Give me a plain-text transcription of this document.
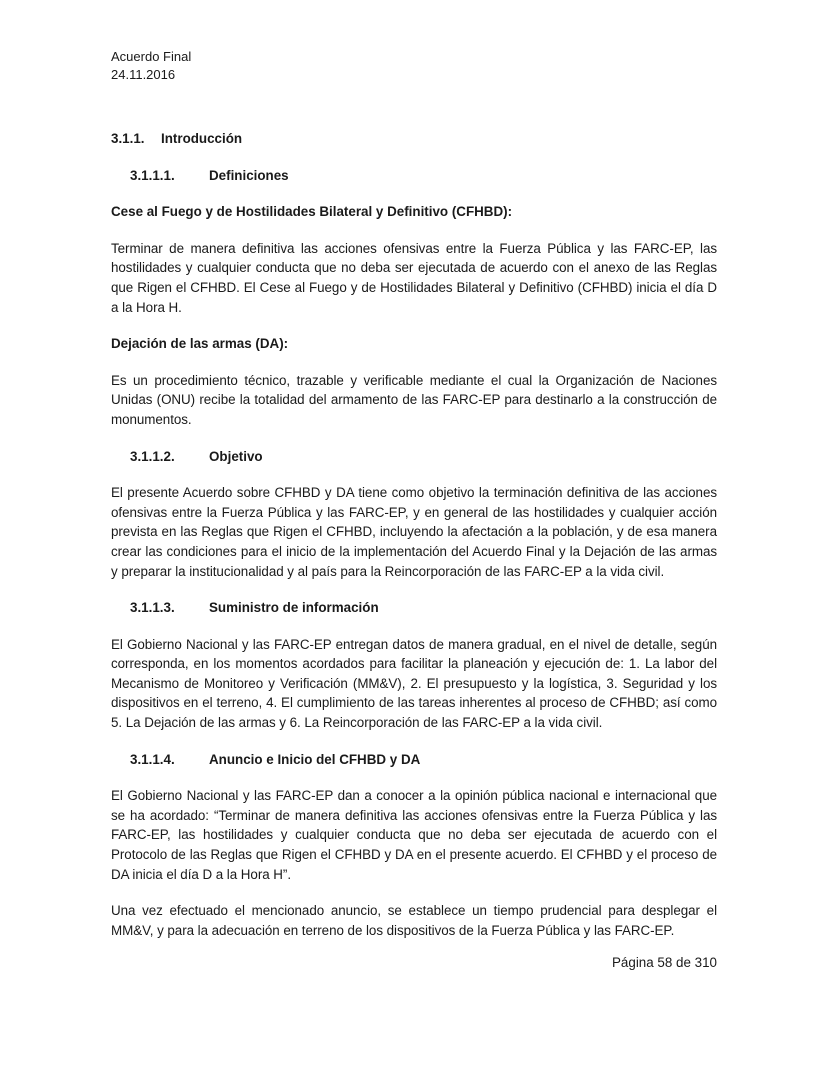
Acuerdo Final
24.11.2016
3.1.1. Introducción
3.1.1.1.	Definiciones
Cese al Fuego y de Hostilidades Bilateral y Definitivo (CFHBD):

Terminar de manera definitiva las acciones ofensivas entre la Fuerza Pública y las FARC-EP, las hostilidades y cualquier conducta que no deba ser ejecutada de acuerdo con el anexo de las Reglas que Rigen el CFHBD. El Cese al Fuego y de Hostilidades Bilateral y Definitivo (CFHBD) inicia el día D a la Hora H.

Dejación de las armas (DA):

Es un procedimiento técnico, trazable y verificable mediante el cual la Organización de Naciones Unidas (ONU) recibe la totalidad del armamento de las FARC-EP para destinarlo a la construcción de monumentos.

3.1.1.2.	Objetivo

El presente Acuerdo sobre CFHBD y DA tiene como objetivo la terminación definitiva de las acciones ofensivas entre la Fuerza Pública y las FARC-EP, y en general de las hostilidades y cualquier acción prevista en las Reglas que Rigen el CFHBD, incluyendo la afectación a la población, y de esa manera crear las condiciones para el inicio de la implementación del Acuerdo Final y la Dejación de las armas y preparar la institucionalidad y al país para la Reincorporación de las FARC-EP a la vida civil.

3.1.1.3.	Suministro de información

El Gobierno Nacional y las FARC-EP entregan datos de manera gradual, en el nivel de detalle, según corresponda, en los momentos acordados para facilitar la planeación y ejecución de: 1. La labor del Mecanismo de Monitoreo y Verificación (MM&V), 2. El presupuesto y la logística, 3. Seguridad y los dispositivos en el terreno, 4. El cumplimiento de las tareas inherentes al proceso de CFHBD; así como 5. La Dejación de las armas y 6. La Reincorporación de las FARC-EP a la vida civil.

3.1.1.4.	Anuncio e Inicio del CFHBD y DA

El Gobierno Nacional y las FARC-EP dan a conocer a la opinión pública nacional e internacional que se ha acordado: “Terminar de manera definitiva las acciones ofensivas entre la Fuerza Pública y las FARC-EP, las hostilidades y cualquier conducta que no deba ser ejecutada de acuerdo con el Protocolo de las Reglas que Rigen el CFHBD y DA en el presente acuerdo. El CFHBD y el proceso de DA inicia el día D a la Hora H”.

Una vez efectuado el mencionado anuncio, se establece un tiempo prudencial para desplegar el MM&V, y para la adecuación en terreno de los dispositivos de la Fuerza Pública y las FARC-EP.

Página 58 de 310
